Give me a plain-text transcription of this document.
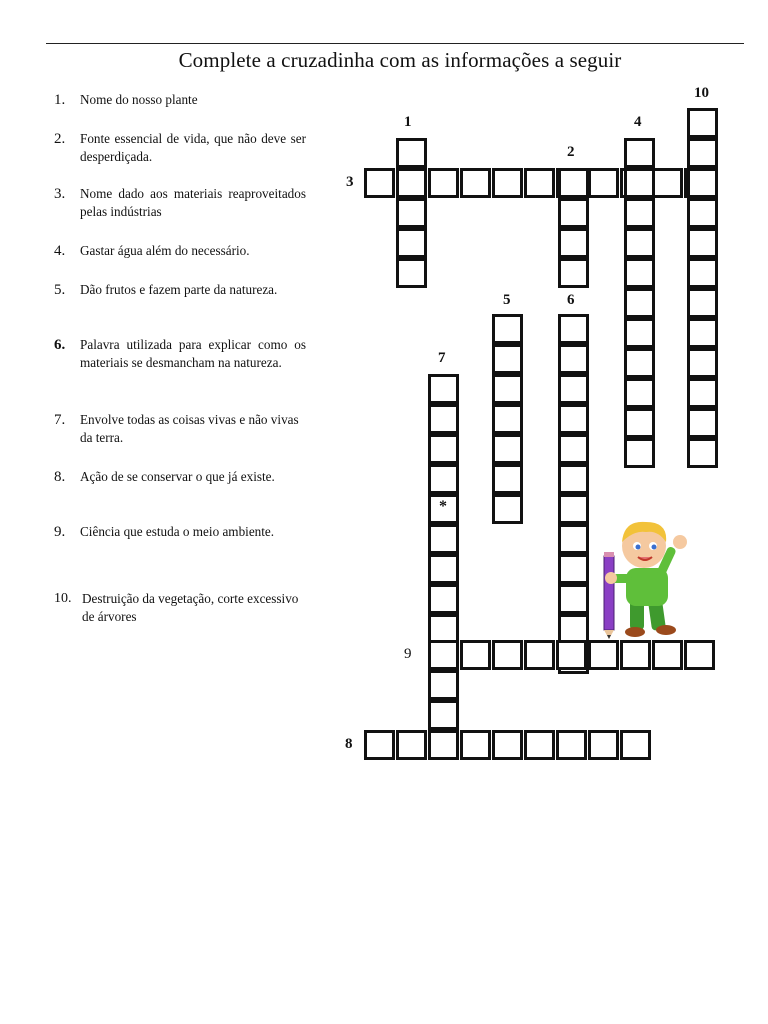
Complete a cruzadinha com as informações a seguir
1. Nome do nosso plante
2. Fonte essencial de vida, que não deve ser desperdiçada.
3. Nome dado aos materiais reaproveitados pelas indústrias
4. Gastar água além do necessário.
5. Dão frutos e fazem parte da natureza.
6. Palavra utilizada para explicar como os materiais se desmancham na natureza.
7. Envolve todas as coisas vivas e não vivas da terra.
8. Ação de se conservar o que já existe.
9. Ciência que estuda o meio ambiente.
10. Destruição da vegetação, corte excessivo de árvores
1
2
3
4
5	6
7
8
9
10
*
